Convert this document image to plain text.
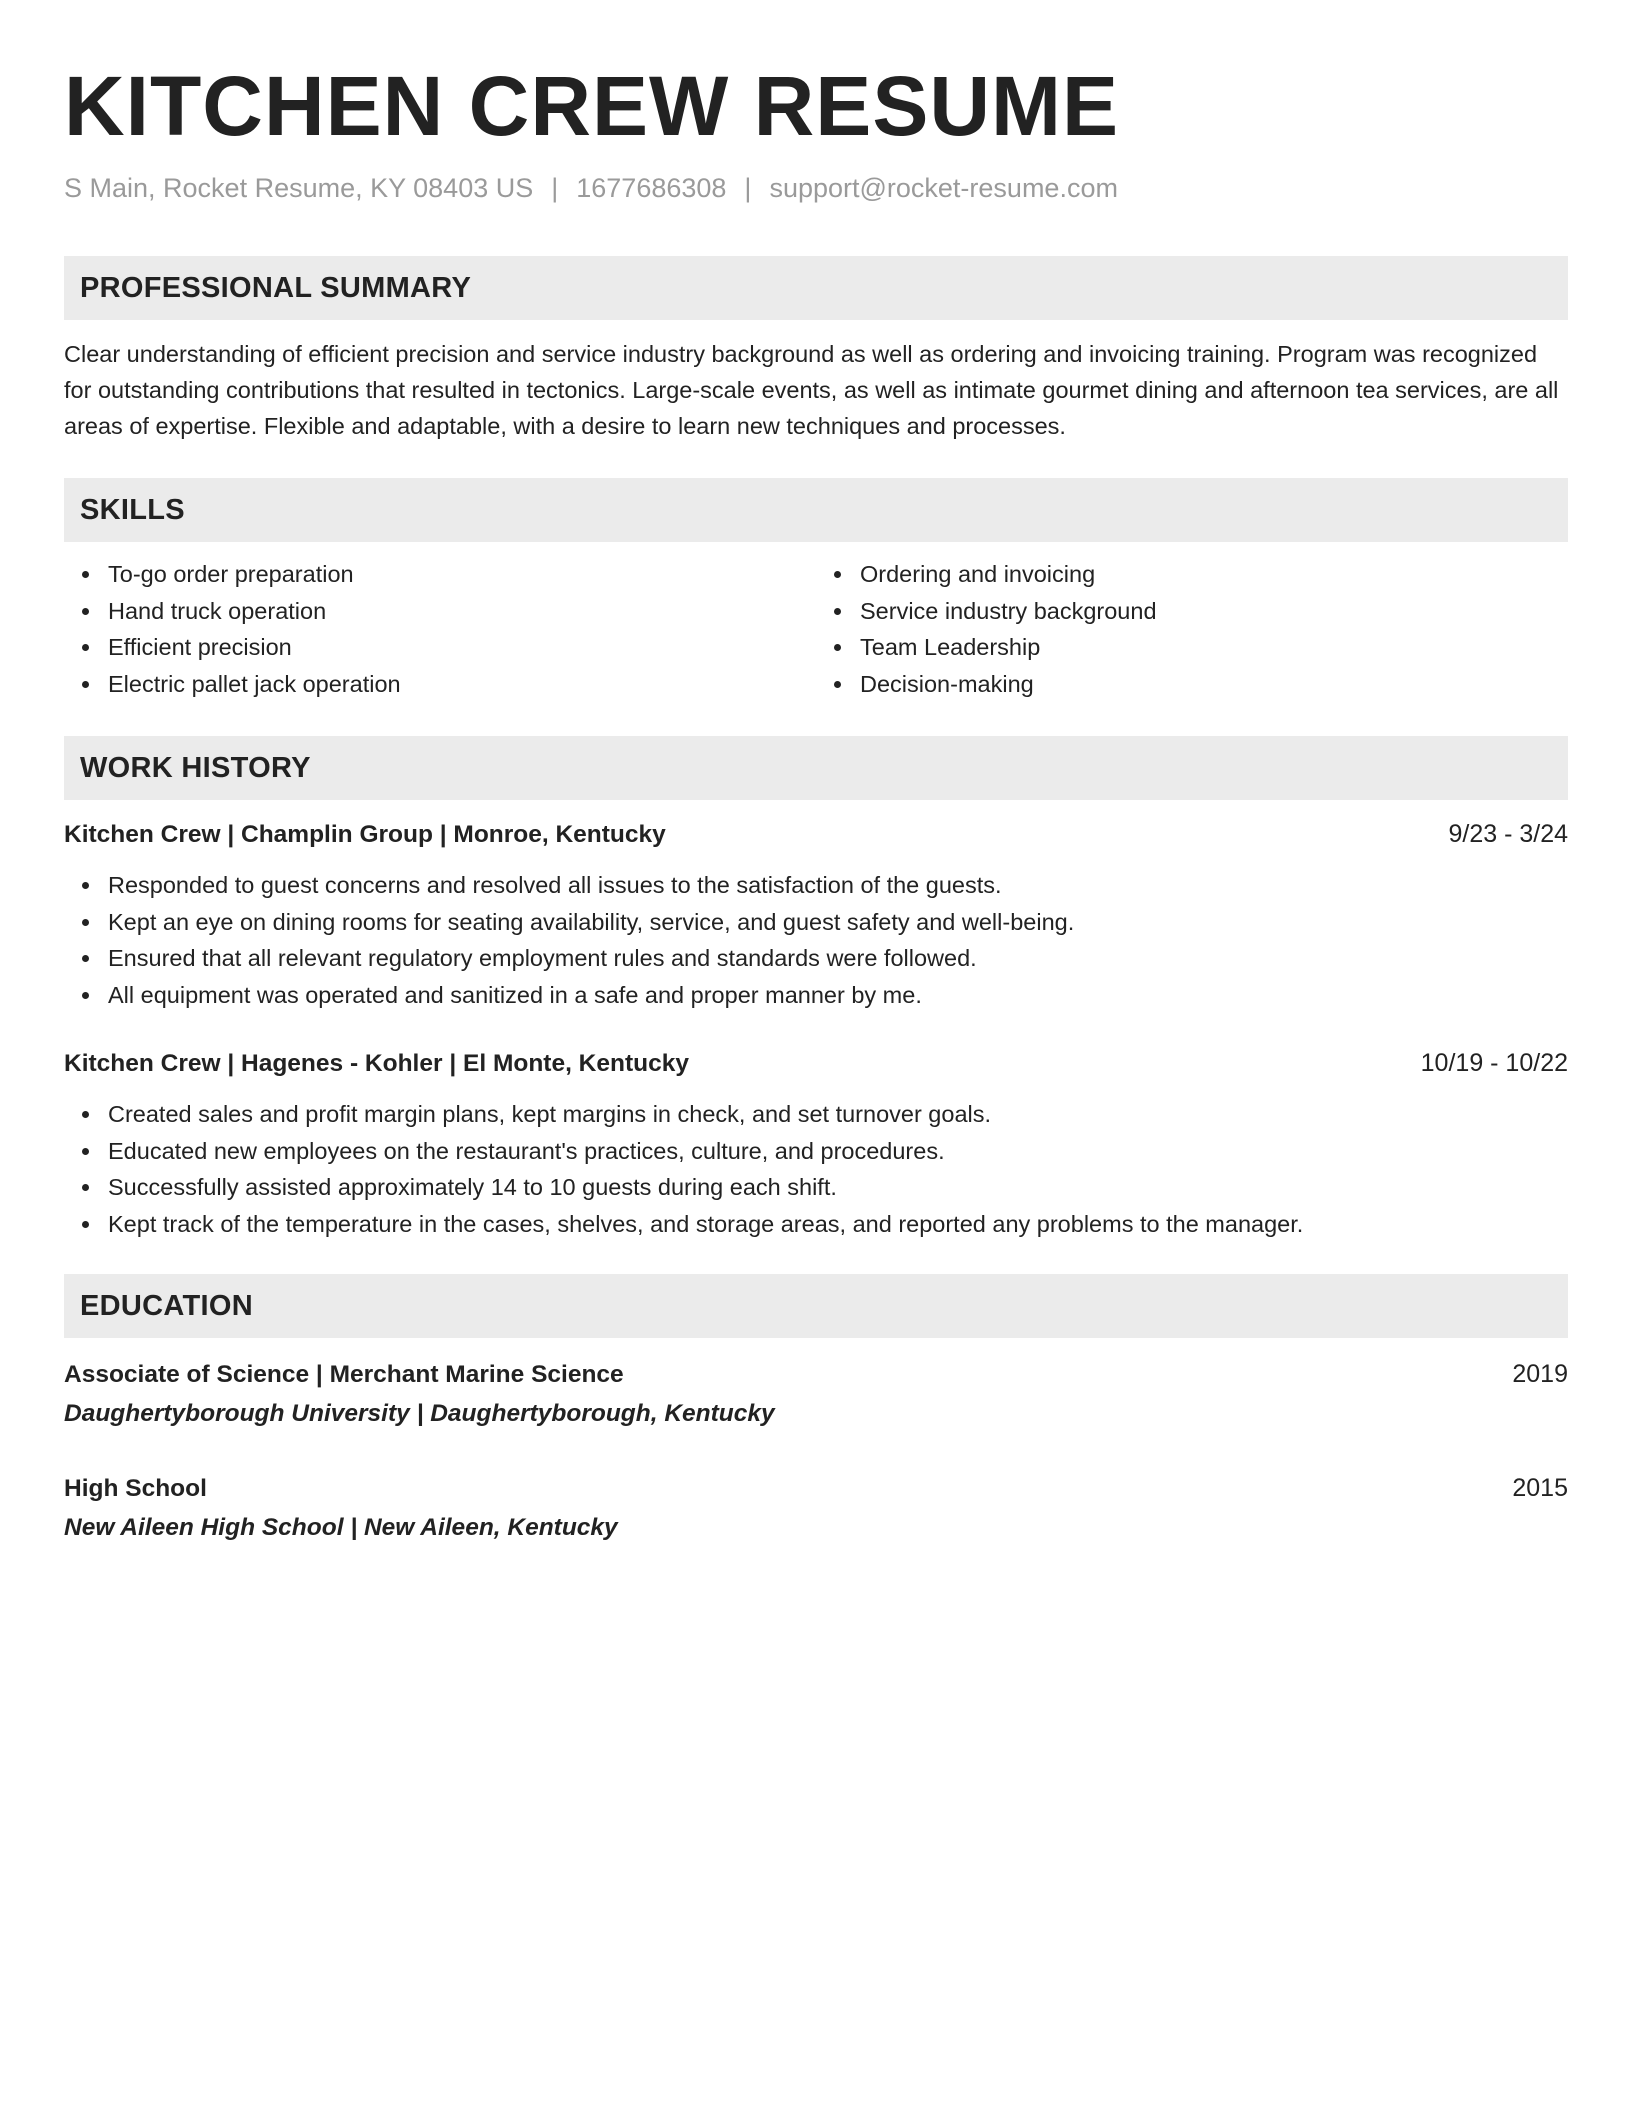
KITCHEN CREW RESUME
S Main, Rocket Resume, KY 08403 US | 1677686308 | support@rocket-resume.com
PROFESSIONAL SUMMARY
Clear understanding of efficient precision and service industry background as well as ordering and invoicing training. Program was recognized for outstanding contributions that resulted in tectonics. Large-scale events, as well as intimate gourmet dining and afternoon tea services, are all areas of expertise. Flexible and adaptable, with a desire to learn new techniques and processes.
SKILLS
To-go order preparation
Hand truck operation
Efficient precision
Electric pallet jack operation
Ordering and invoicing
Service industry background
Team Leadership
Decision-making
WORK HISTORY
Kitchen Crew | Champlin Group | Monroe, Kentucky	9/23 - 3/24
Responded to guest concerns and resolved all issues to the satisfaction of the guests.
Kept an eye on dining rooms for seating availability, service, and guest safety and well-being.
Ensured that all relevant regulatory employment rules and standards were followed.
All equipment was operated and sanitized in a safe and proper manner by me.
Kitchen Crew | Hagenes - Kohler | El Monte, Kentucky	10/19 - 10/22
Created sales and profit margin plans, kept margins in check, and set turnover goals.
Educated new employees on the restaurant's practices, culture, and procedures.
Successfully assisted approximately 14 to 10 guests during each shift.
Kept track of the temperature in the cases, shelves, and storage areas, and reported any problems to the manager.
EDUCATION
Associate of Science | Merchant Marine Science	2019
Daughertyborough University | Daughertyborough, Kentucky
High School	2015
New Aileen High School | New Aileen, Kentucky
